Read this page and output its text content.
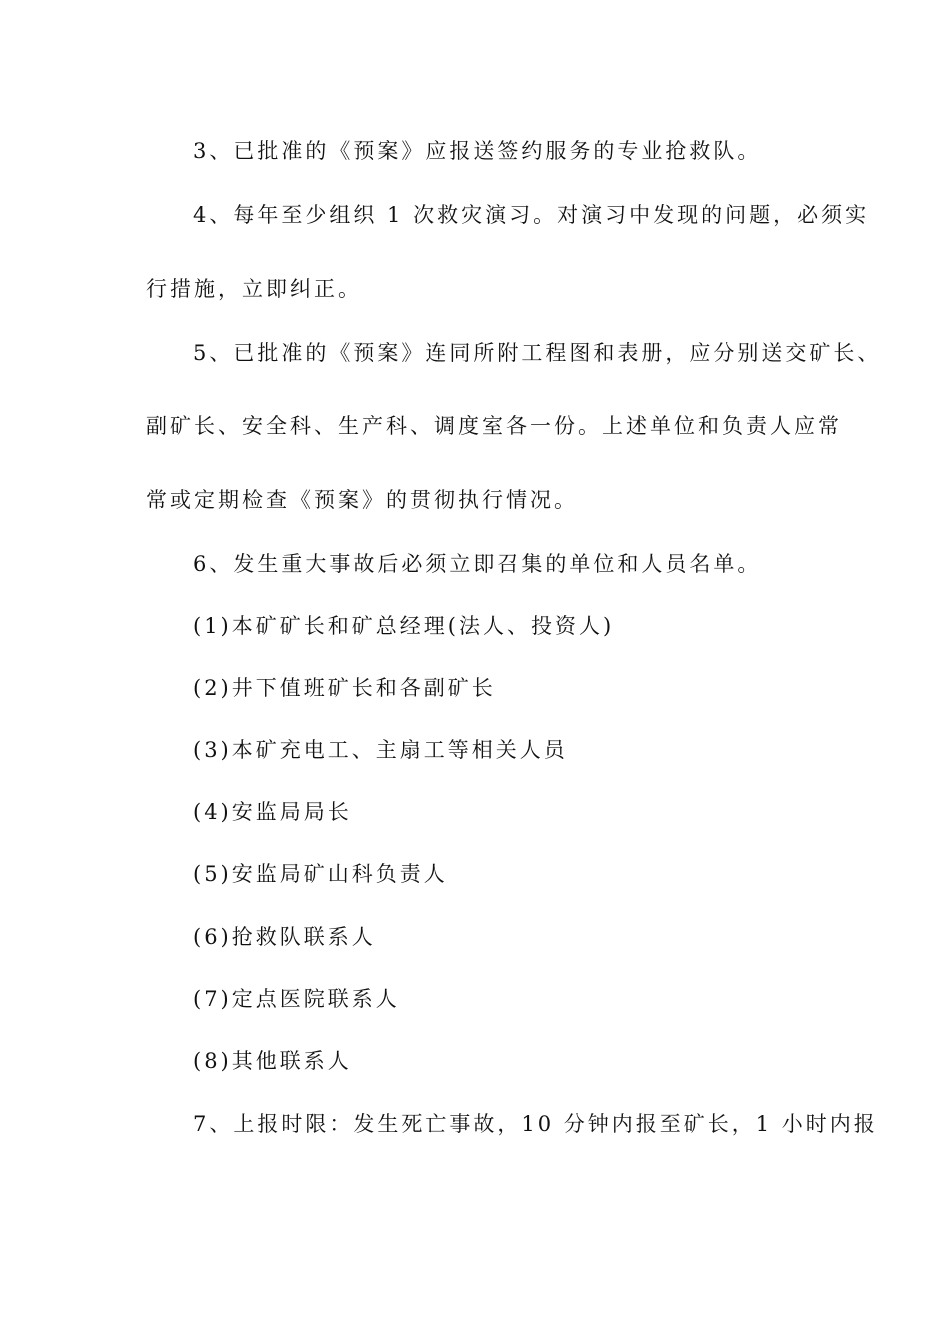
3、已批准的《预案》应报送签约服务的专业抢救队。
4、每年至少组织 1 次救灾演习。对演习中发现的问题，必须实
行措施，立即纠正。
5、已批准的《预案》连同所附工程图和表册，应分别送交矿长、
副矿长、安全科、生产科、调度室各一份。上述单位和负责人应常
常或定期检查《预案》的贯彻执行情况。
6、发生重大事故后必须立即召集的单位和人员名单。
(1)本矿矿长和矿总经理(法人、投资人)
(2)井下值班矿长和各副矿长
(3)本矿充电工、主扇工等相关人员
(4)安监局局长
(5)安监局矿山科负责人
(6)抢救队联系人
(7)定点医院联系人
(8)其他联系人
7、上报时限：发生死亡事故，10 分钟内报至矿长，1 小时内报
